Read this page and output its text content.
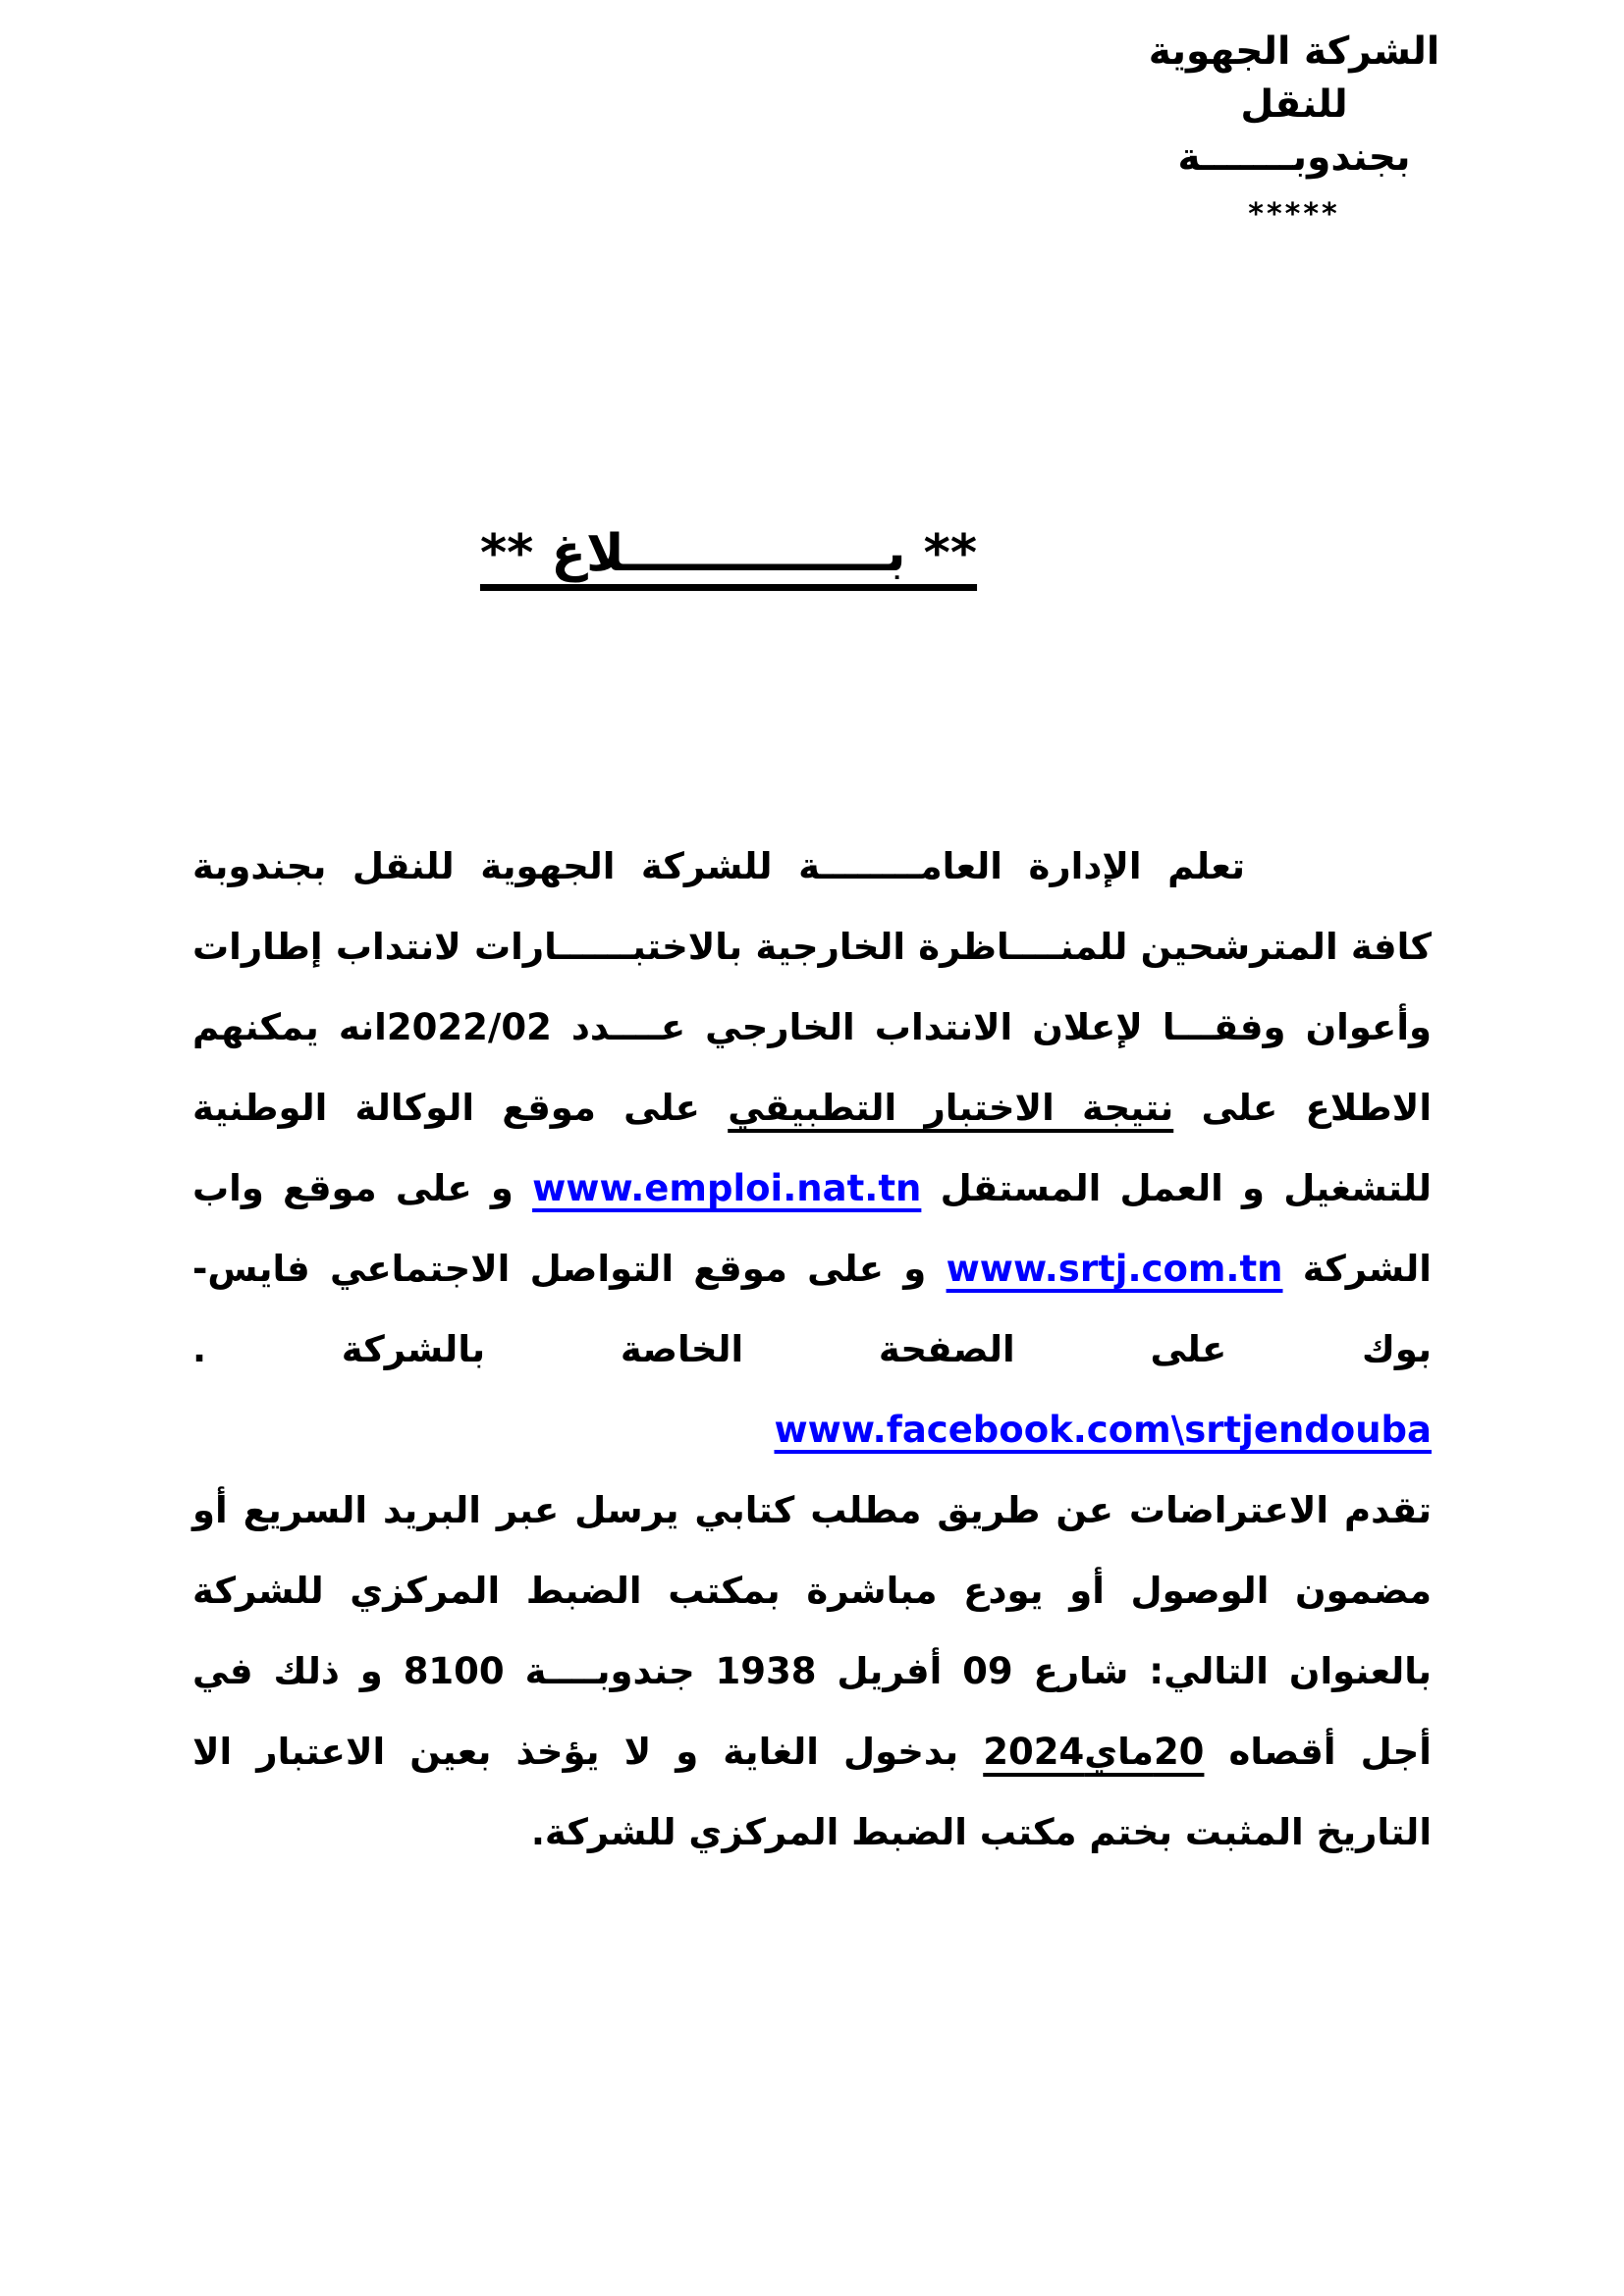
الشركة الجهوية للنقل
بجندوبـــــــة
*****
** بـــــــــــــــلاغ **

تعلم الإدارة العامــــــــة للشركة الجهوية للنقل بجندوبة كافة المترشحين للمنــــاظرة الخارجية بالاختبــــــارات لانتداب إطارات وأعوان وفقـــا لإعلان الانتداب الخارجي عــــدد 2022/02انه يمكنهم الاطلاع على نتيجة الاختبار التطبيقي على موقع الوكالة الوطنية للتشغيل و العمل المستقل www.emploi.nat.tn و على موقع واب الشركة www.srtj.com.tn و على موقع التواصل الاجتماعي فايس-بوك على الصفحة الخاصة بالشركة . www.facebook.com\srtjendouba

تقدم الاعتراضات عن طريق مطلب كتابي يرسل عبر البريد السريع أو مضمون الوصول أو يودع مباشرة بمكتب الضبط المركزي للشركة بالعنوان التالي: شارع 09 أفريل 1938 جندوبــــة 8100 و ذلك في أجل أقصاه 20ماي2024 بدخول الغاية و لا يؤخذ بعين الاعتبار الا التاريخ المثبت بختم مكتب الضبط المركزي للشركة.
